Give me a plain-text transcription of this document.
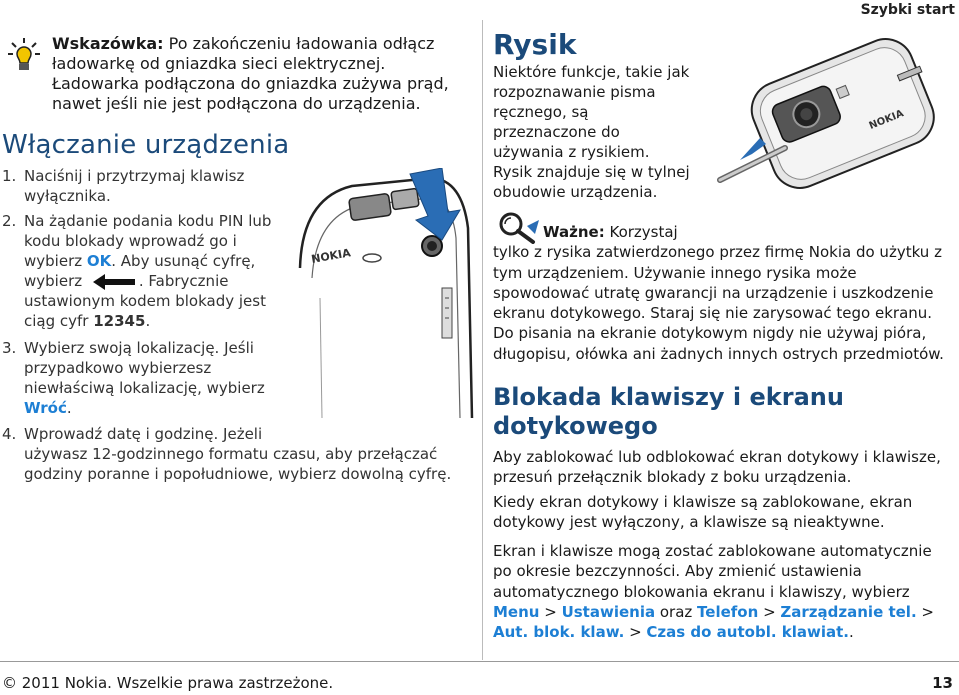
Szybki start
Wskazówka: Po zakończeniu ładowania odłącz ładowarkę od gniazdka sieci elektrycznej. Ładowarka podłączona do gniazdka zużywa prąd, nawet jeśli nie jest podłączona do urządzenia.
Włączanie urządzenia
1. Naciśnij i przytrzymaj klawisz
wyłącznika.
2. Na żądanie podania kodu PIN lub
kodu blokady wprowadź go i
wybierz OK. Aby usunąć cyfrę,
wybierz	. Fabrycznie
ustawionym kodem blokady jest
ciąg cyfr 12345.
3. Wybierz swoją lokalizację. Jeśli
przypadkowo wybierzesz
niewłaściwą lokalizację, wybierz
Wróć.
4. Wprowadź datę i godzinę. Jeżeli
używasz 12-godzinnego formatu czasu, aby przełączać
godziny poranne i popołudniowe, wybierz dowolną cyfrę.
NOKIA
Rysik
Niektóre funkcje, takie jak rozpoznawanie pisma ręcznego, są przeznaczone do używania z rysikiem. Rysik znajduje się w tylnej obudowie urządzenia.
NOKIA
Ważne: Korzystaj
tylko z rysika zatwierdzonego przez firmę Nokia do użytku z tym urządzeniem. Używanie innego rysika może spowodować utratę gwarancji na urządzenie i uszkodzenie ekranu dotykowego. Staraj się nie zarysować tego ekranu. Do pisania na ekranie dotykowym nigdy nie używaj pióra, długopisu, ołówka ani żadnych innych ostrych przedmiotów.
Blokada klawiszy i ekranu dotykowego
Aby zablokować lub odblokować ekran dotykowy i klawisze, przesuń przełącznik blokady z boku urządzenia.
Kiedy ekran dotykowy i klawisze są zablokowane, ekran dotykowy jest wyłączony, a klawisze są nieaktywne.
Ekran i klawisze mogą zostać zablokowane automatycznie po okresie bezczynności. Aby zmienić ustawienia automatycznego blokowania ekranu i klawiszy, wybierz Menu > Ustawienia oraz Telefon > Zarządzanie tel. > Aut. blok. klaw. > Czas do autobl. klawiat..
© 2011 Nokia. Wszelkie prawa zastrzeżone.	13
